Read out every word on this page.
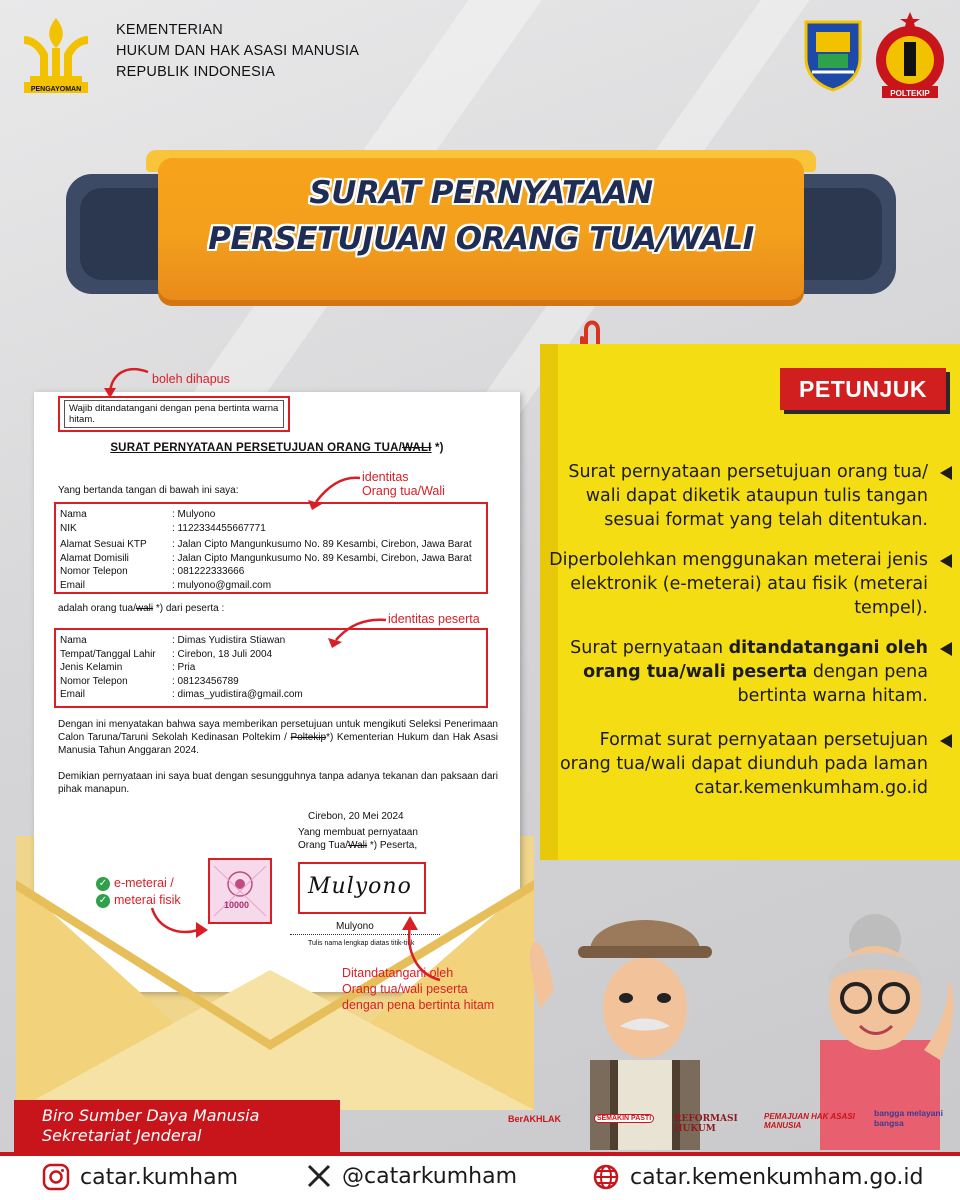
PENGAYOMAN
KEMENTERIAN
HUKUM DAN HAK ASASI MANUSIA
REPUBLIK INDONESIA
POLTEKIP
SURAT PERNYATAAN
PERSETUJUAN ORANG TUA/WALI
Wajib ditandatangani dengan pena bertinta warna hitam.
SURAT PERNYATAAN PERSETUJUAN ORANG TUA/WALI *)
Yang bertanda tangan di bawah ini saya:
Nama	: Mulyono
NIK	: 1122334455667771
Alamat Sesuai KTP	: Jalan Cipto Mangunkusumo No. 89 Kesambi, Cirebon, Jawa Barat
Alamat Domisili	: Jalan Cipto Mangunkusumo No. 89 Kesambi, Cirebon, Jawa Barat
Nomor Telepon	: 081222333666
Email	: mulyono@gmail.com
adalah orang tua/wali *) dari peserta :
Nama	: Dimas Yudistira Stiawan
Tempat/Tanggal Lahir	: Cirebon, 18 Juli 2004
Jenis Kelamin	: Pria
Nomor Telepon	: 08123456789
Email	: dimas_yudistira@gmail.com
Dengan ini menyatakan bahwa saya memberikan persetujuan untuk mengikuti Seleksi Penerimaan Calon Taruna/Taruni Sekolah Kedinasan Poltekim / Poltekip*) Kementerian Hukum dan Hak Asasi Manusia Tahun Anggaran 2024.
Demikian pernyataan ini saya buat dengan sesungguhnya tanpa adanya tekanan dan paksaan dari pihak manapun.
Cirebon, 20 Mei 2024
Yang membuat pernyataan
Orang Tua/Wali *) Peserta,
10000
Mulyono
Mulyono
Tulis nama lengkap diatas titik-titik
boleh dihapus
identitas
Orang tua/Wali
identitas peserta
✓ e-meterai /
✓ meterai fisik
Ditandatangani oleh
Orang tua/wali peserta
dengan pena bertinta hitam
PETUNJUK
Surat pernyataan persetujuan orang tua/ wali dapat diketik ataupun tulis tangan sesuai format yang telah ditentukan.
Diperbolehkan menggunakan meterai jenis elektronik (e-meterai) atau fisik (meterai tempel).
Surat pernyataan ditandatangani oleh orang tua/wali peserta dengan pena bertinta warna hitam.
Format surat pernyataan persetujuan orang tua/wali dapat diunduh pada laman catar.kemenkumham.go.id
Biro Sumber Daya Manusia
Sekretariat Jenderal
BerAKHLAK	SEMAKIN PASTI	REFORMASI HUKUM
PEMAJUAN HAK ASASI MANUSIA
bangga melayani bangsa
catar.kumham	@catarkumham	catar.kemenkumham.go.id
